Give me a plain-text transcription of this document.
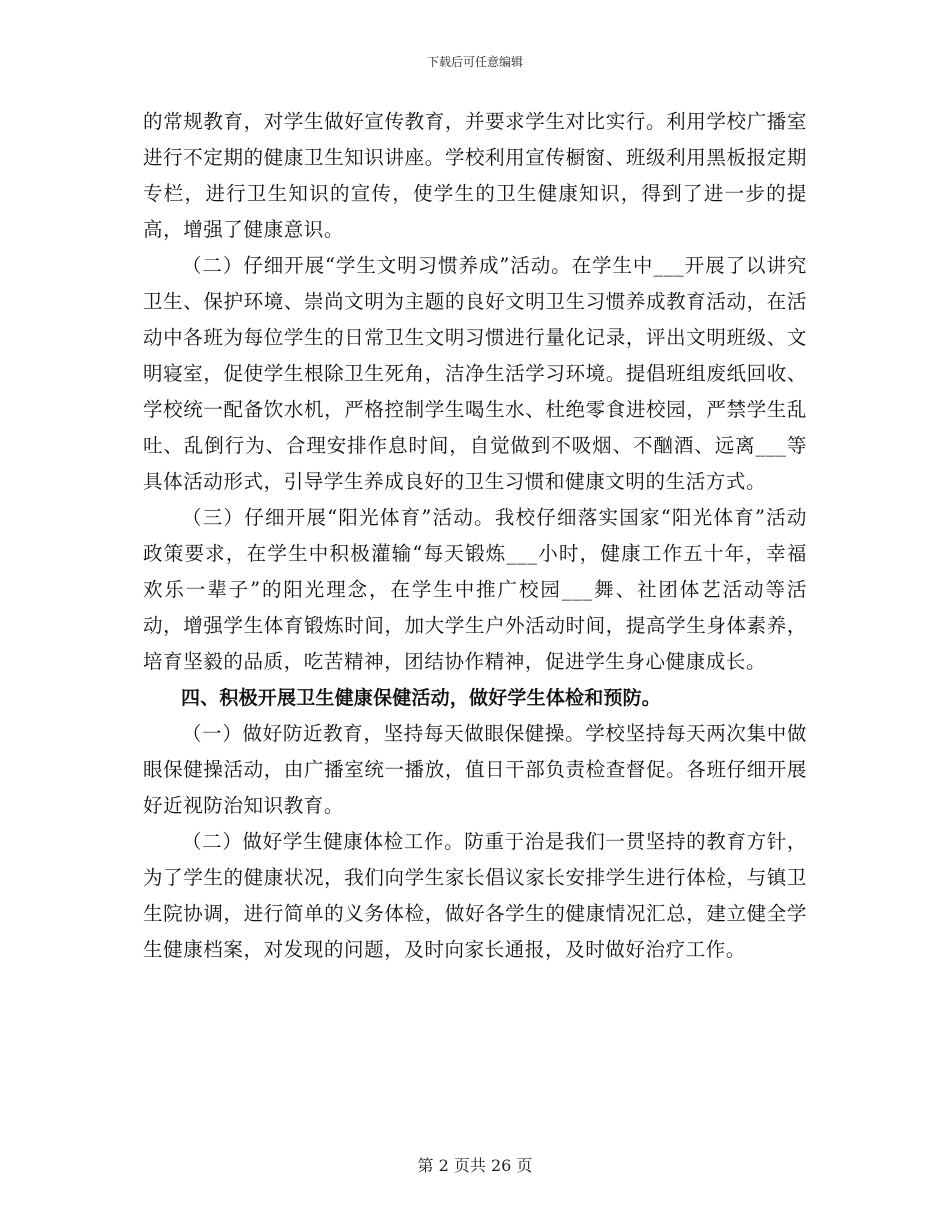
下载后可任意编辑

的常规教育，对学生做好宣传教育，并要求学生对比实行。利用学校广播室进行不定期的健康卫生知识讲座。学校利用宣传橱窗、班级利用黑板报定期专栏，进行卫生知识的宣传，使学生的卫生健康知识，得到了进一步的提高，增强了健康意识。

（二）仔细开展“学生文明习惯养成”活动。在学生中___开展了以讲究卫生、保护环境、崇尚文明为主题的良好文明卫生习惯养成教育活动，在活动中各班为每位学生的日常卫生文明习惯进行量化记录，评出文明班级、文明寝室，促使学生根除卫生死角，洁净生活学习环境。提倡班组废纸回收、学校统一配备饮水机，严格控制学生喝生水、杜绝零食进校园，严禁学生乱吐、乱倒行为、合理安排作息时间，自觉做到不吸烟、不酗酒、远离___等具体活动形式，引导学生养成良好的卫生习惯和健康文明的生活方式。

（三）仔细开展“阳光体育”活动。我校仔细落实国家“阳光体育”活动政策要求，在学生中积极灌输“每天锻炼___小时，健康工作五十年，幸福欢乐一辈子”的阳光理念，在学生中推广校园___舞、社团体艺活动等活动，增强学生体育锻炼时间，加大学生户外活动时间，提高学生身体素养，培育坚毅的品质，吃苦精神，团结协作精神，促进学生身心健康成长。

四、积极开展卫生健康保健活动，做好学生体检和预防。

（一）做好防近教育，坚持每天做眼保健操。学校坚持每天两次集中做眼保健操活动，由广播室统一播放，值日干部负责检查督促。各班仔细开展好近视防治知识教育。

（二）做好学生健康体检工作。防重于治是我们一贯坚持的教育方针，为了学生的健康状况，我们向学生家长倡议家长安排学生进行体检，与镇卫生院协调，进行简单的义务体检，做好各学生的健康情况汇总，建立健全学生健康档案，对发现的问题，及时向家长通报，及时做好治疗工作。

第 2 页共 26 页
